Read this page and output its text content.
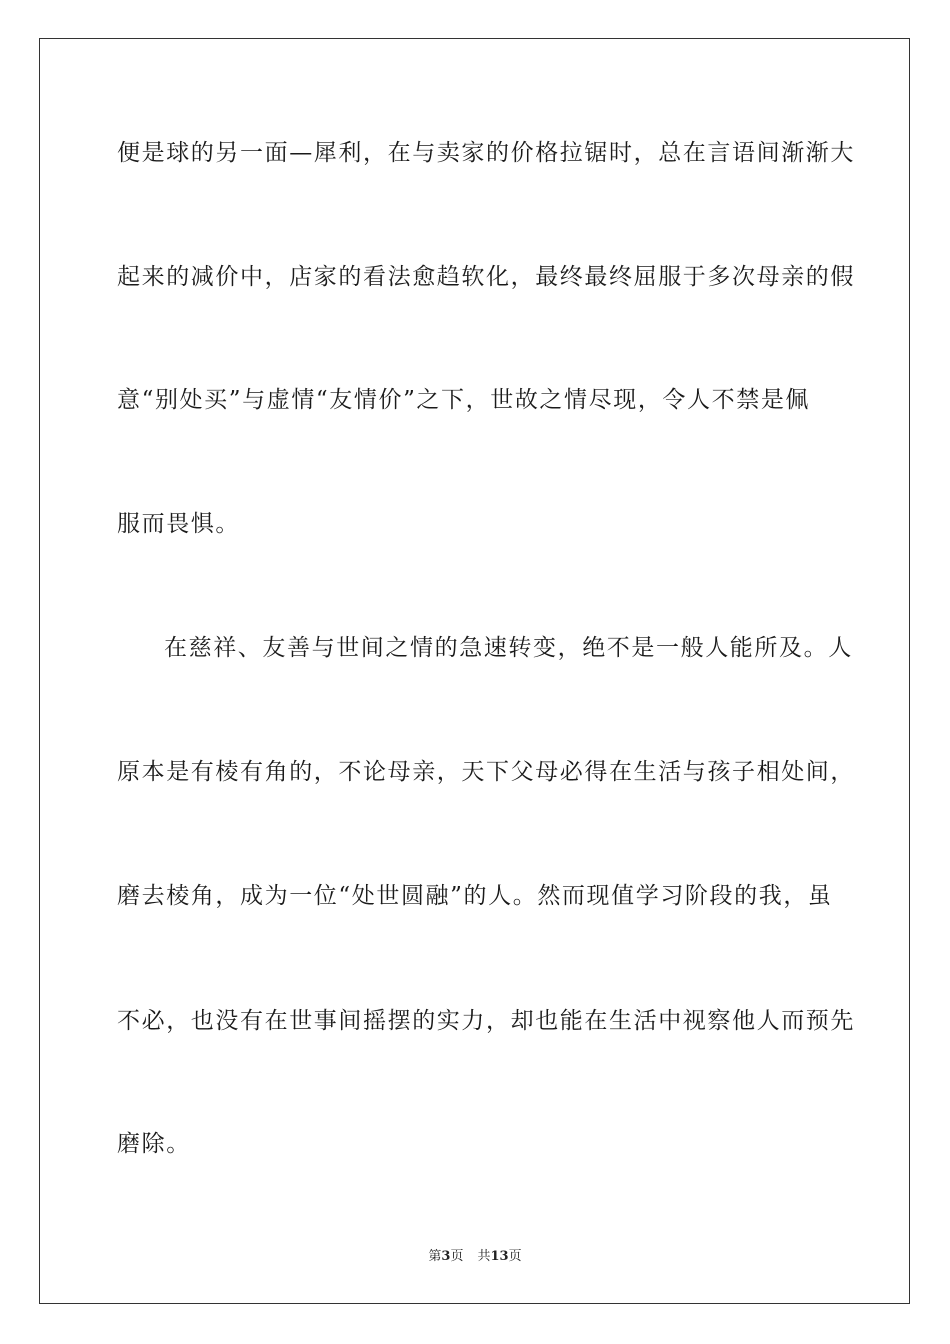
便是球的另一面—犀利，在与卖家的价格拉锯时，总在言语间渐渐大
起来的减价中，店家的看法愈趋软化，最终最终屈服于多次母亲的假
意“别处买”与虚情“友情价”之下，世故之情尽现，令人不禁是佩
服而畏惧。
在慈祥、友善与世间之情的急速转变，绝不是一般人能所及。人
原本是有棱有角的，不论母亲，天下父母必得在生活与孩子相处间，
磨去棱角，成为一位“处世圆融”的人。然而现值学习阶段的我，虽
不必，也没有在世事间摇摆的实力，却也能在生活中视察他人而预先
磨除。
第3页 共13页
